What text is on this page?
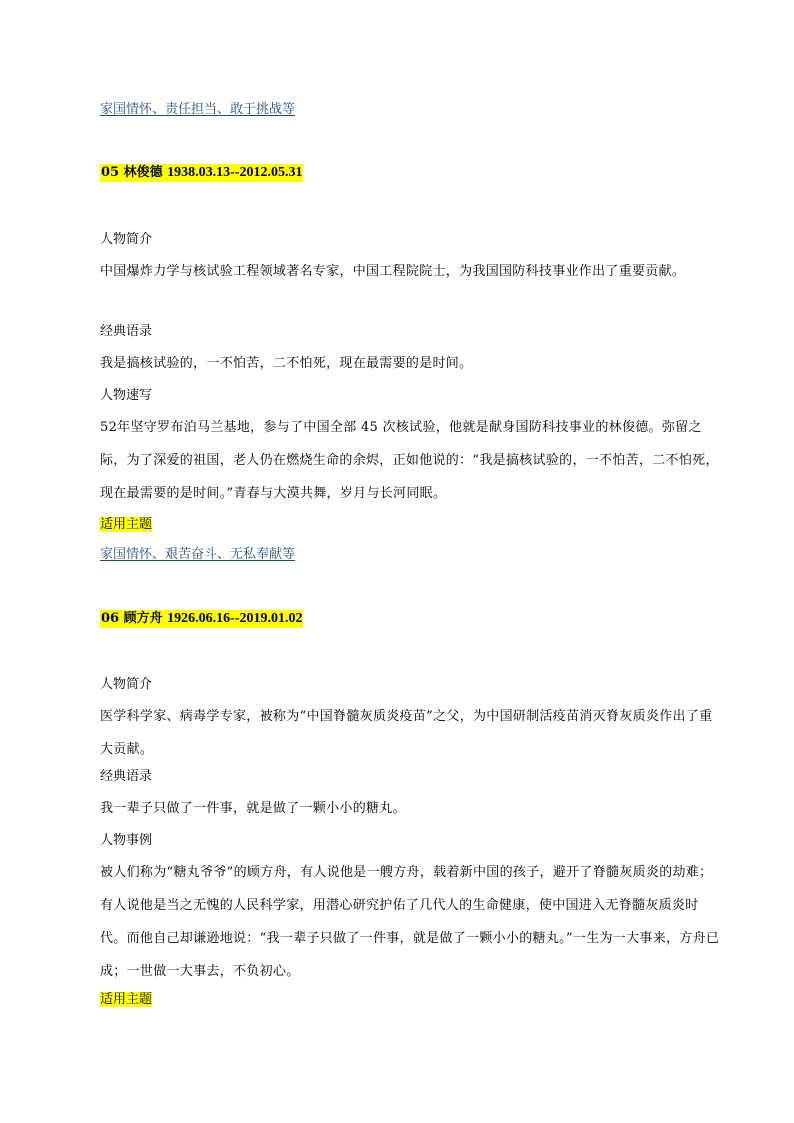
家国情怀、责任担当、敢于挑战等
05 林俊德 1938.03.13--2012.05.31
人物简介
中国爆炸力学与核试验工程领域著名专家，中国工程院院士，为我国国防科技事业作出了重要贡献。
经典语录
我是搞核试验的，一不怕苦，二不怕死，现在最需要的是时间。
人物速写
52年坚守罗布泊马兰基地，参与了中国全部 45 次核试验，他就是献身国防科技事业的林俊德。弥留之际，为了深爱的祖国，老人仍在燃烧生命的余烬，正如他说的：“我是搞核试验的，一不怕苦，二不怕死，现在最需要的是时间。”青春与大漠共舞，岁月与长河同眠。
适用主题
家国情怀、艰苦奋斗、无私奉献等
06 顾方舟 1926.06.16--2019.01.02
人物简介
医学科学家、病毒学专家，被称为“中国脊髓灰质炎疫苗”之父，为中国研制活疫苗消灭脊灰质炎作出了重大贡献。
经典语录
我一辈子只做了一件事，就是做了一颗小小的糖丸。
人物事例
被人们称为“糖丸爷爷”的顾方舟，有人说他是一艘方舟，载着新中国的孩子，避开了脊髓灰质炎的劫难；有人说他是当之无愧的人民科学家，用潜心研究护佑了几代人的生命健康，使中国进入无脊髓灰质炎时代。而他自己却谦逊地说：“我一辈子只做了一件事，就是做了一颗小小的糖丸。”一生为一大事来，方舟已成；一世做一大事去，不负初心。
适用主题
